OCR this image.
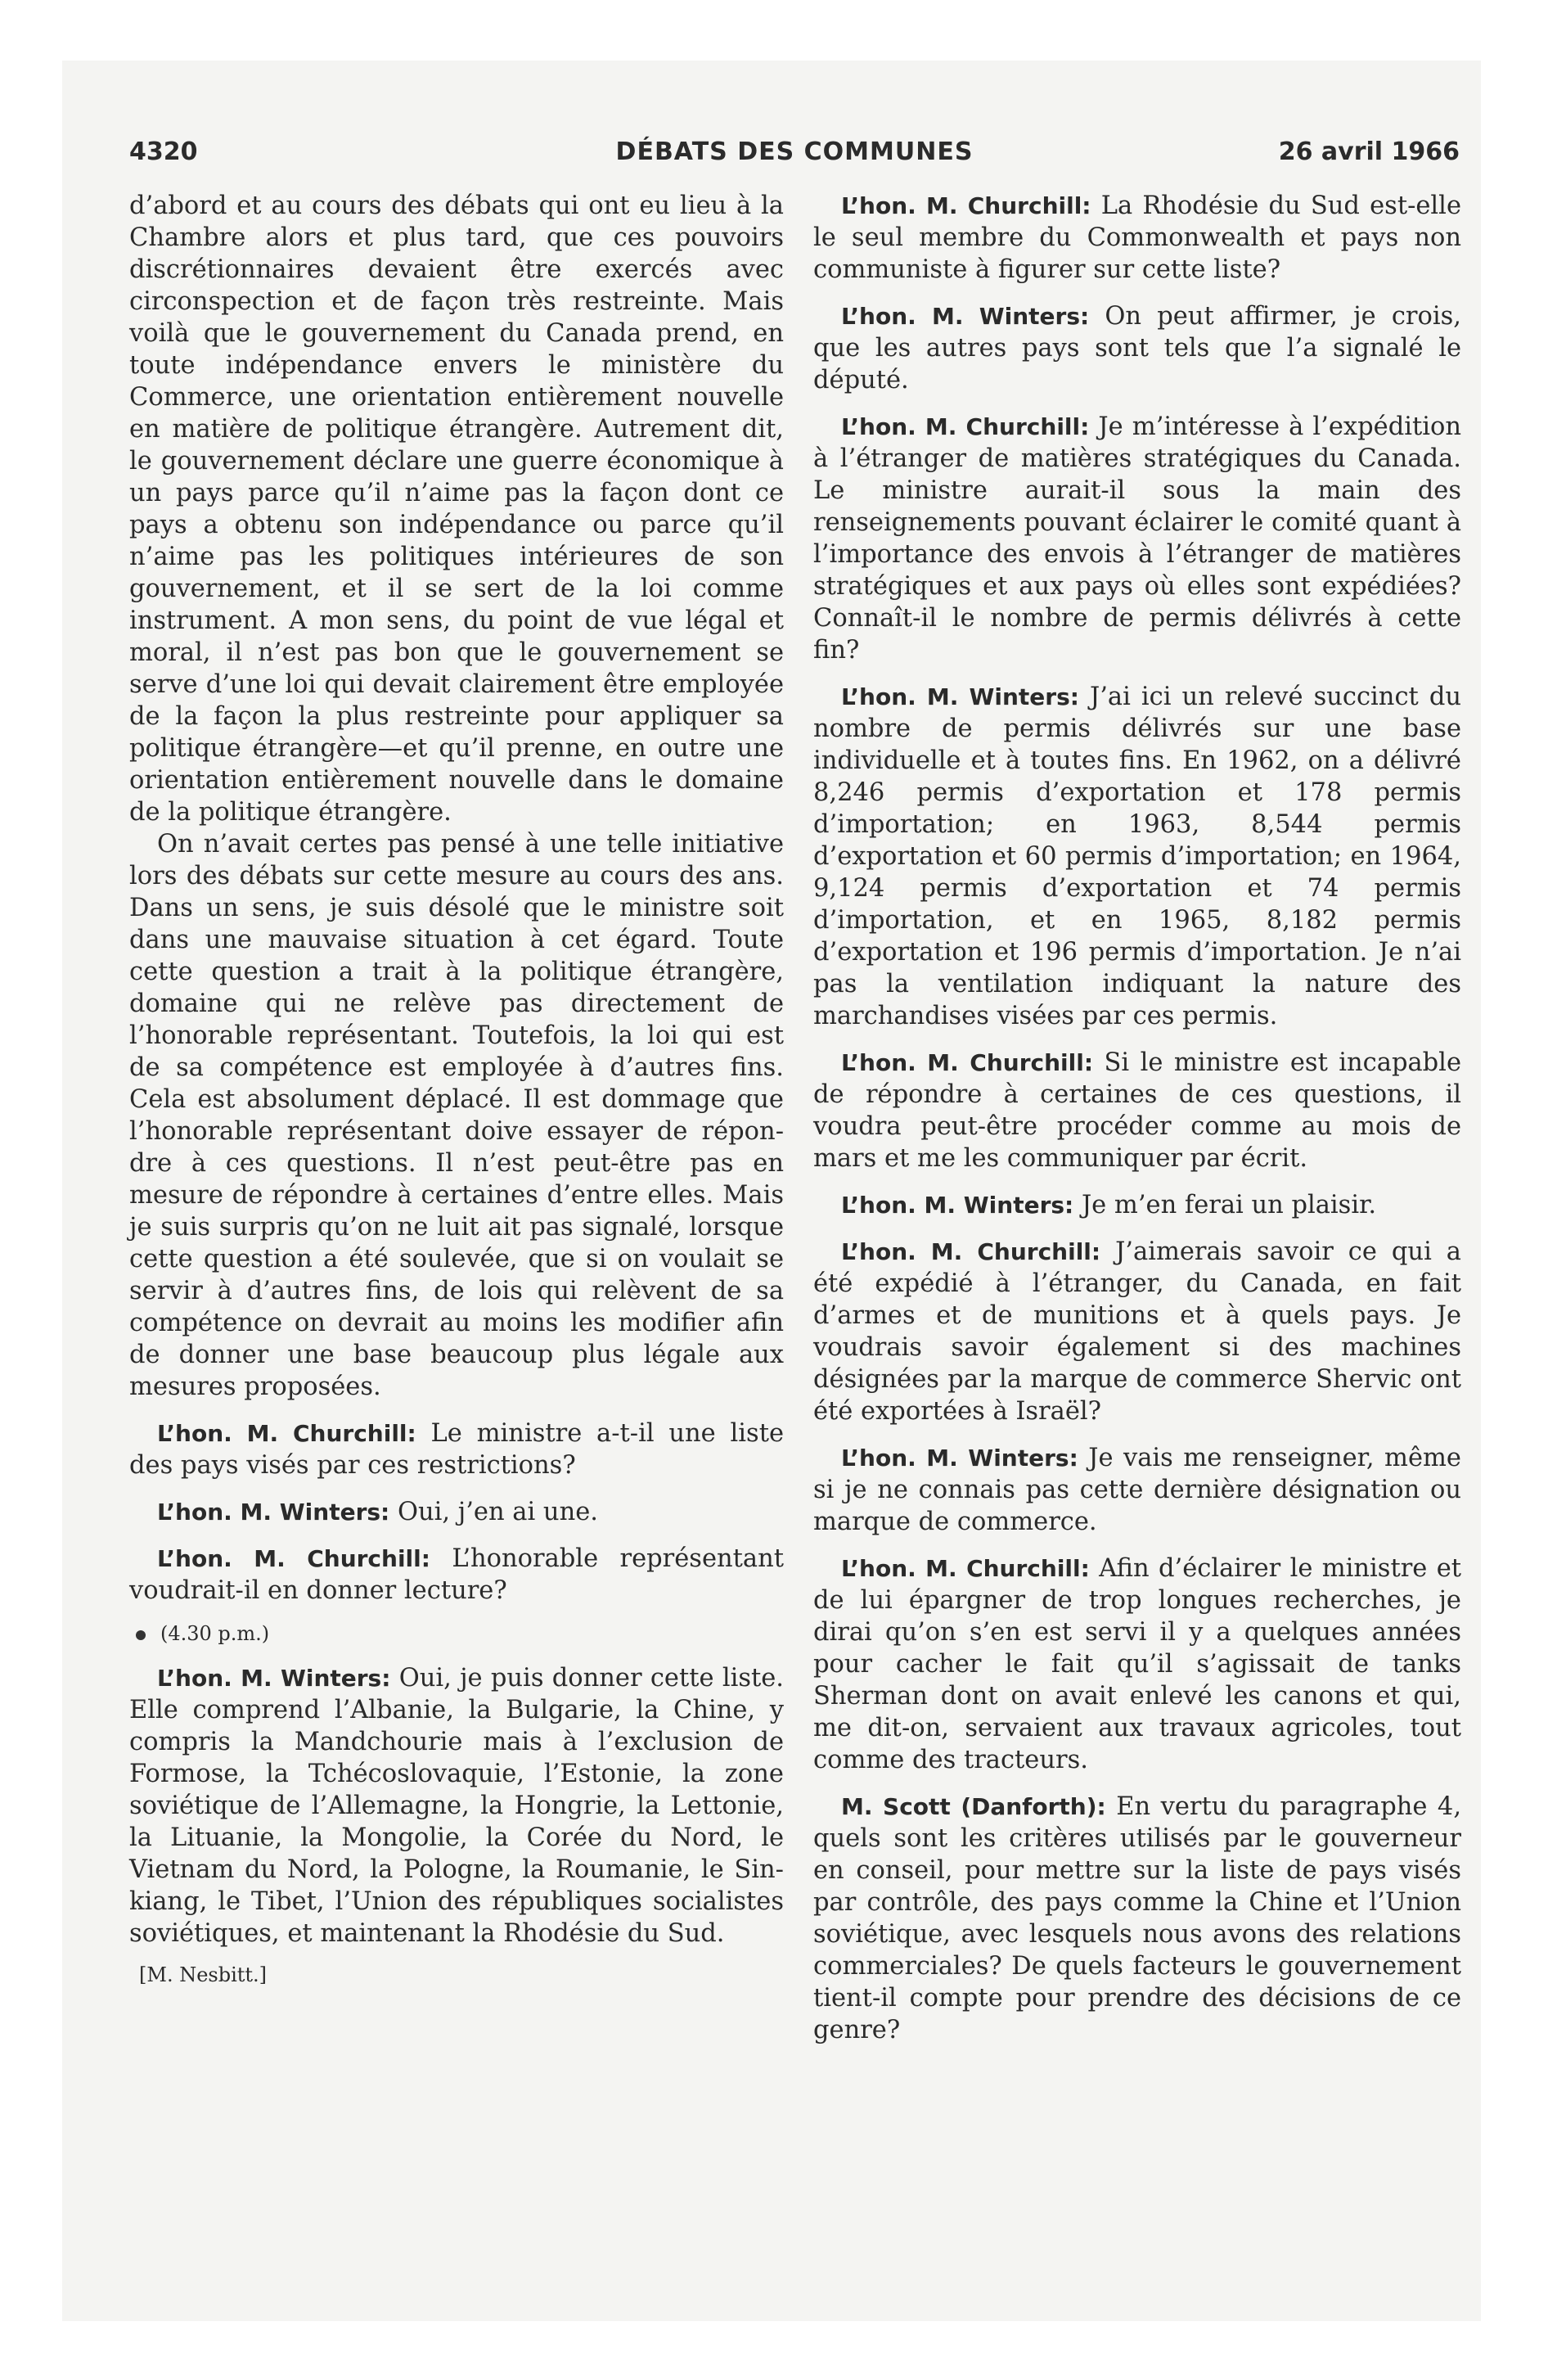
4320	DÉBATS DES COMMUNES	26 avril 1966

d’abord et au cours des débats qui ont eu lieu à la Chambre alors et plus tard, que ces pouvoirs discrétionnaires devaient être exercés avec circonspection et de façon très restreinte. Mais voilà que le gouvernement du Canada prend, en toute indépendance envers le ministère du Commerce, une orientation entièrement nouvelle en matière de politique étrangère. Autrement dit, le gouvernement déclare une guerre économique à un pays parce qu’il n’aime pas la façon dont ce pays a obtenu son indépendance ou parce qu’il n’aime pas les politiques intérieures de son gouvernement, et il se sert de la loi comme instrument. A mon sens, du point de vue légal et moral, il n’est pas bon que le gouvernement se serve d’une loi qui devait clairement être employée de la façon la plus restreinte pour appliquer sa politique étrangère—et qu’il prenne, en outre une orientation entièrement nouvelle dans le domaine de la politique étrangère.

On n’avait certes pas pensé à une telle initiative lors des débats sur cette mesure au cours des ans. Dans un sens, je suis désolé que le ministre soit dans une mauvaise situation à cet égard. Toute cette question a trait à la politique étrangère, domaine qui ne relève pas directement de l’honorable représentant. Toutefois, la loi qui est de sa compétence est employée à d’autres fins. Cela est absolument déplacé. Il est dommage que l’honorable représentant doive essayer de répondre à ces questions. Il n’est peut-être pas en mesure de répondre à certaines d’entre elles. Mais je suis surpris qu’on ne luit ait pas signalé, lorsque cette question a été soulevée, que si on voulait se servir à d’autres fins, de lois qui relèvent de sa compétence on devrait au moins les modifier afin de donner une base beaucoup plus légale aux mesures proposées.

L’hon. M. Churchill: Le ministre a-t-il une liste des pays visés par ces restrictions?

L’hon. M. Winters: Oui, j’en ai une.

L’hon. M. Churchill: L’honorable représentant voudrait-il en donner lecture?

(4.30 p.m.)

L’hon. M. Winters: Oui, je puis donner cette liste. Elle comprend l’Albanie, la Bulgarie, la Chine, y compris la Mandchourie mais à l’exclusion de Formose, la Tchécoslovaquie, l’Estonie, la zone soviétique de l’Allemagne, la Hongrie, la Lettonie, la Lituanie, la Mongolie, la Corée du Nord, le Vietnam du Nord, la Pologne, la Roumanie, le Sin-kiang, le Tibet, l’Union des républiques socialistes soviétiques, et maintenant la Rhodésie du Sud.

[M. Nesbitt.]

L’hon. M. Churchill: La Rhodésie du Sud est-elle le seul membre du Commonwealth et pays non communiste à figurer sur cette liste?

L’hon. M. Winters: On peut affirmer, je crois, que les autres pays sont tels que l’a signalé le député.

L’hon. M. Churchill: Je m’intéresse à l’expédition à l’étranger de matières stratégiques du Canada. Le ministre aurait-il sous la main des renseignements pouvant éclairer le comité quant à l’importance des envois à l’étranger de matières stratégiques et aux pays où elles sont expédiées? Connaît-il le nombre de permis délivrés à cette fin?

L’hon. M. Winters: J’ai ici un relevé succinct du nombre de permis délivrés sur une base individuelle et à toutes fins. En 1962, on a délivré 8,246 permis d’exportation et 178 permis d’importation; en 1963, 8,544 permis d’exportation et 60 permis d’importation; en 1964, 9,124 permis d’exportation et 74 permis d’importation, et en 1965, 8,182 permis d’exportation et 196 permis d’importation. Je n’ai pas la ventilation indiquant la nature des marchandises visées par ces permis.

L’hon. M. Churchill: Si le ministre est incapable de répondre à certaines de ces questions, il voudra peut-être procéder comme au mois de mars et me les communiquer par écrit.

L’hon. M. Winters: Je m’en ferai un plaisir.

L’hon. M. Churchill: J’aimerais savoir ce qui a été expédié à l’étranger, du Canada, en fait d’armes et de munitions et à quels pays. Je voudrais savoir également si des machines désignées par la marque de commerce Shervic ont été exportées à Israël?

L’hon. M. Winters: Je vais me renseigner, même si je ne connais pas cette dernière désignation ou marque de commerce.

L’hon. M. Churchill: Afin d’éclairer le ministre et de lui épargner de trop longues recherches, je dirai qu’on s’en est servi il y a quelques années pour cacher le fait qu’il s’agissait de tanks Sherman dont on avait enlevé les canons et qui, me dit-on, servaient aux travaux agricoles, tout comme des tracteurs.

M. Scott (Danforth): En vertu du paragraphe 4, quels sont les critères utilisés par le gouverneur en conseil, pour mettre sur la liste de pays visés par contrôle, des pays comme la Chine et l’Union soviétique, avec lesquels nous avons des relations commerciales? De quels facteurs le gouvernement tient-il compte pour prendre des décisions de ce genre?
